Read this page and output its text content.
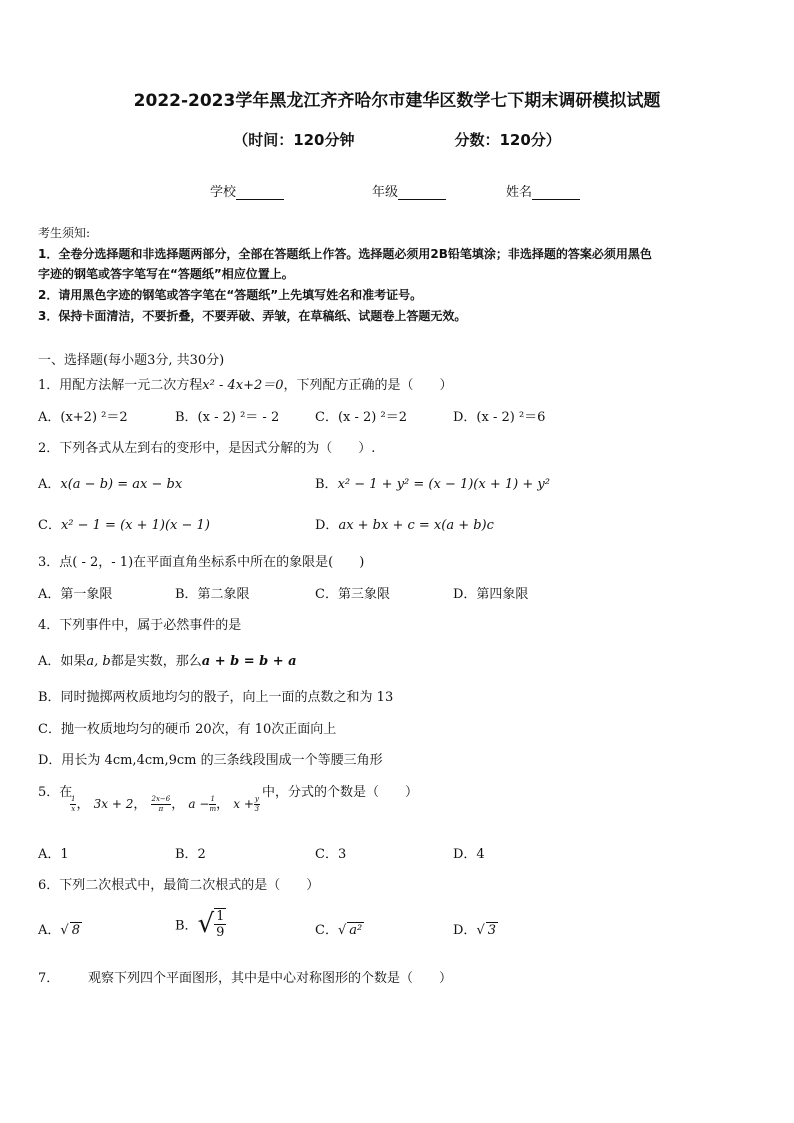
2022-2023学年黑龙江齐齐哈尔市建华区数学七下期末调研模拟试题
（时间：120分钟	分数：120分）
学校	年级	姓名
考生须知:
1．全卷分选择题和非选择题两部分，全部在答题纸上作答。选择题必须用2B铅笔填涂；非选择题的答案必须用黑色
字迹的钢笔或答字笔写在“答题纸”相应位置上。
2．请用黑色字迹的钢笔或答字笔在“答题纸”上先填写姓名和准考证号。
3．保持卡面清洁，不要折叠，不要弄破、弄皱，在草稿纸、试题卷上答题无效。
一、选择题(每小题3分, 共30分)
1．用配方法解一元二次方程x² - 4x+2＝0，下列配方正确的是（　　）
A．(x+2) ²＝2	B．(x - 2) ²＝ - 2	C．(x - 2) ²＝2	D．(x - 2) ²＝6
2．下列各式从左到右的变形中，是因式分解的为（　　）.
A．x(a − b) = ax − bx	B．x² − 1 + y² = (x − 1)(x + 1) + y²
C．x² − 1 = (x + 1)(x − 1)	D．ax + bx + c = x(a + b)c
3．点( - 2，- 1)在平面直角坐标系中所在的象限是(　　)
A．第一象限	B．第二象限	C．第三象限	D．第四象限
4．下列事件中，属于必然事件的是
A．如果a, b都是实数，那么a + b = b + a
B．同时抛掷两枚质地均匀的骰子，向上一面的点数之和为 13
C．抛一枚质地均匀的硬币 20次，有 10次正面向上
D．用长为 4cm,4cm,9cm 的三条线段围成一个等腰三角形
5．在	中，分式的个数是（　　）
$\frac{1}{x}$ ， 3x + 2， $\frac{2x-6}{\pi}$ ， $a - \frac{1}{m}$ ， $x + \frac{y}{3}$
A．1	B．2	C．3	D．4
6．下列二次根式中，最简二次根式的是（　　）
A．√ 8	B．√ $\frac{1}{9}$	C．√ a²	D．√ 3
7． 观察下列四个平面图形，其中是中心对称图形的个数是（　　）
